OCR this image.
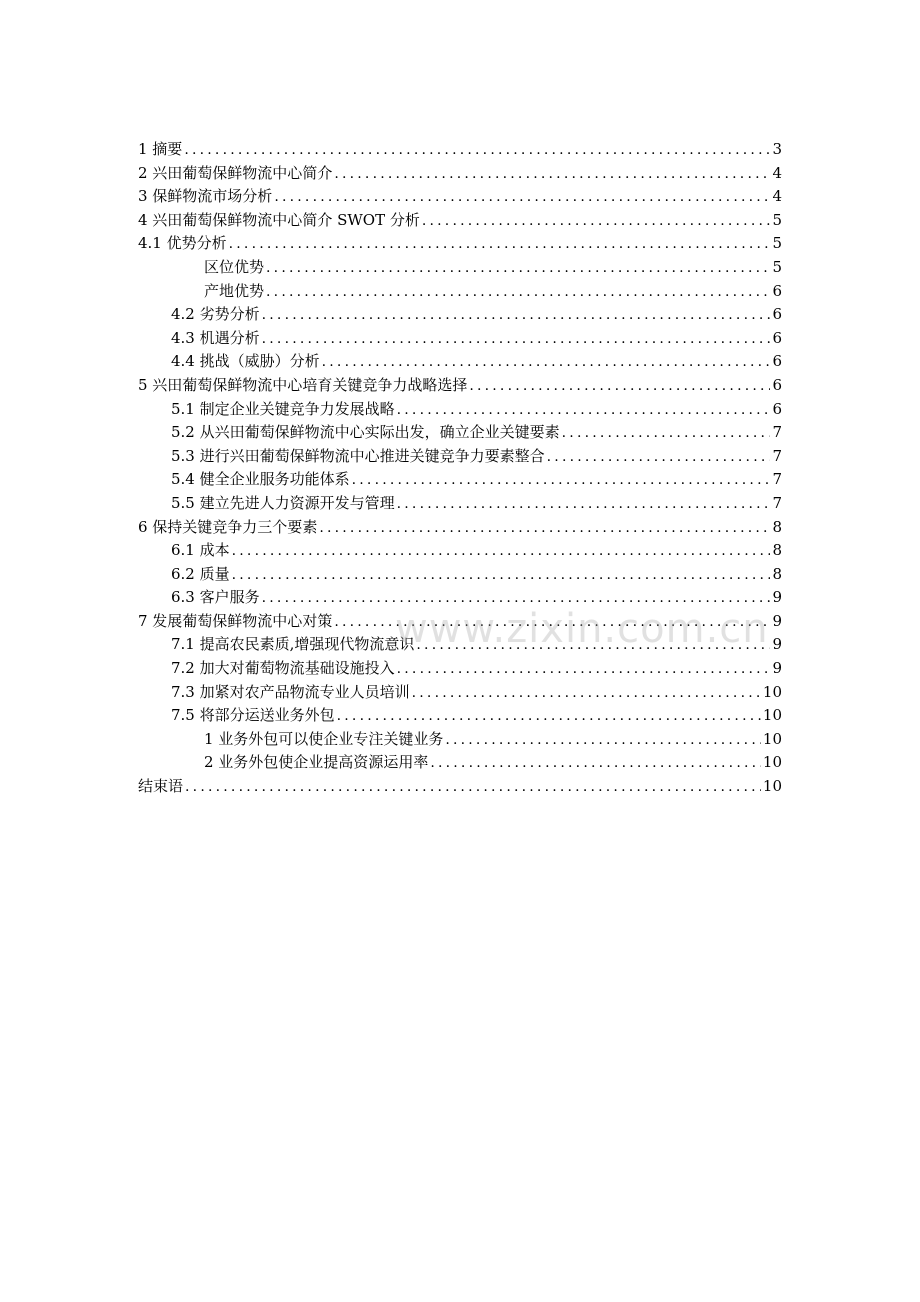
1 摘要 .....	3
2 兴田葡萄保鲜物流中心简介 .....	4
3 保鲜物流市场分析 .....	4
4 兴田葡萄保鲜物流中心简介 SWOT 分析 .....	5
4.1 优势分析 .....	5
区位优势 .....	5
产地优势 .....	6
4.2 劣势分析 .....	6
4.3 机遇分析 .....	6
4.4 挑战（威胁）分析 .....	6
5 兴田葡萄保鲜物流中心培育关键竞争力战略选择 .....	6
5.1 制定企业关键竞争力发展战略 .....	6
5.2 从兴田葡萄保鲜物流中心实际出发，确立企业关键要素 .....	7
5.3 进行兴田葡萄保鲜物流中心推进关键竞争力要素整合 .....	7
5.4 健全企业服务功能体系 .....	7
5.5 建立先进人力资源开发与管理 .....	7
6 保持关键竞争力三个要素 .....	8
6.1 成本 .....	8
6.2 质量 .....	8
6.3 客户服务 .....	9
7 发展葡萄保鲜物流中心对策 .....	9
7.1 提高农民素质,增强现代物流意识 .....	9
7.2 加大对葡萄物流基础设施投入 .....	9
7.3 加紧对农产品物流专业人员培训 .....	10
7.5 将部分运送业务外包 .....	10
1 业务外包可以使企业专注关键业务 .....	10
2 业务外包使企业提高资源运用率 .....	10
结束语 .....	10
www.zixin.com.cn
